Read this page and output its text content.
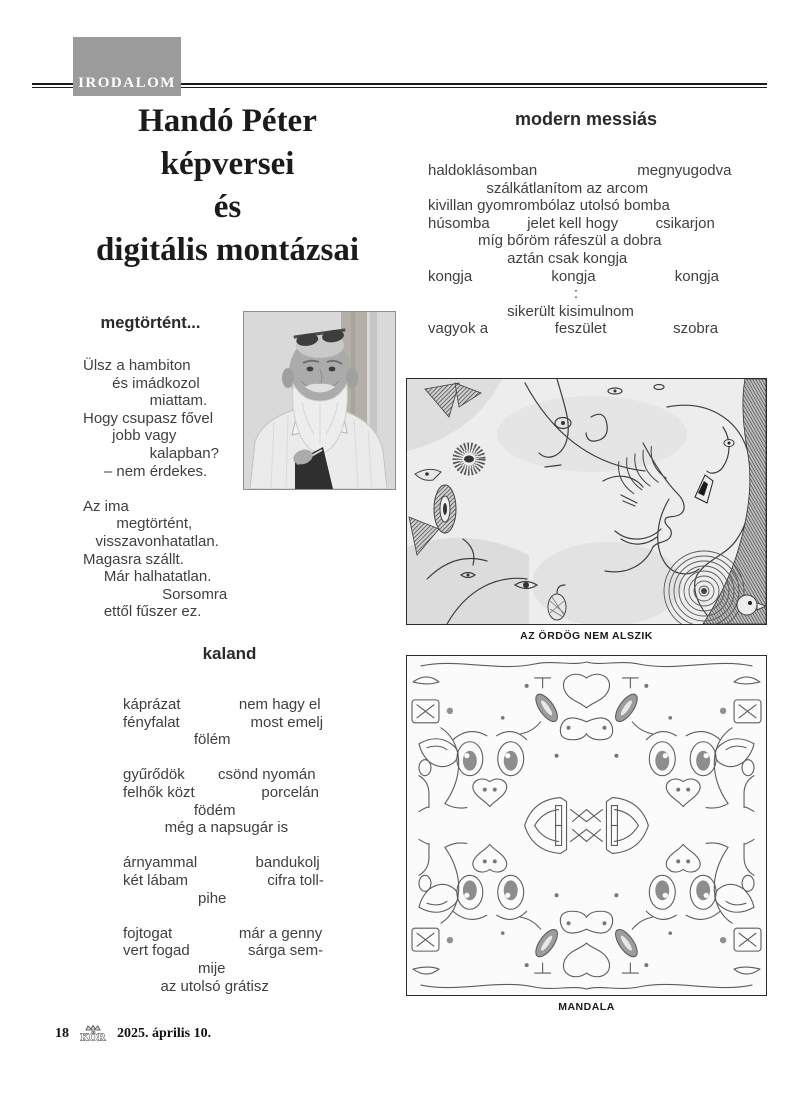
IRODALOM
Handó Péter
képversei
és
digitális montázsai
modern messiás
haldoklásomban                        megnyugodva
szálkátlanítom az arcom
kivillan gyomrombólaz utolsó bomba
húsomba         jelet kell hogy         csikarjon
míg bőröm ráfeszül a dobra
aztán csak kongja
kongja                   kongja                   kongja
:
sikerült kisimulnom
vagyok a                feszület                szobra
megtörtént...
Ülsz a hambiton
és imádkozol
miattam.
Hogy csupasz fővel
jobb vagy
kalapban?
– nem érdekes.

Az ima
megtörtént,
visszavonhatatlan.
Magasra szállt.
Már halhatatlan.
Sorsomra
ettől fűszer ez.
AZ ÖRDÖG NEM ALSZIK
kaland
káprázat              nem hagy el
fényfalat                 most emelj
fölém

gyűrődök        csönd nyomán
felhők közt                porcelán
födém
még a napsugár is

árnyammal              bandukolj
két lábam                   cifra toll-
pihe

fojtogat                már a genny
vert fogad              sárga sem-
mije
az utolsó grátisz
MANDALA
18 KÖR 2025. április 10.
